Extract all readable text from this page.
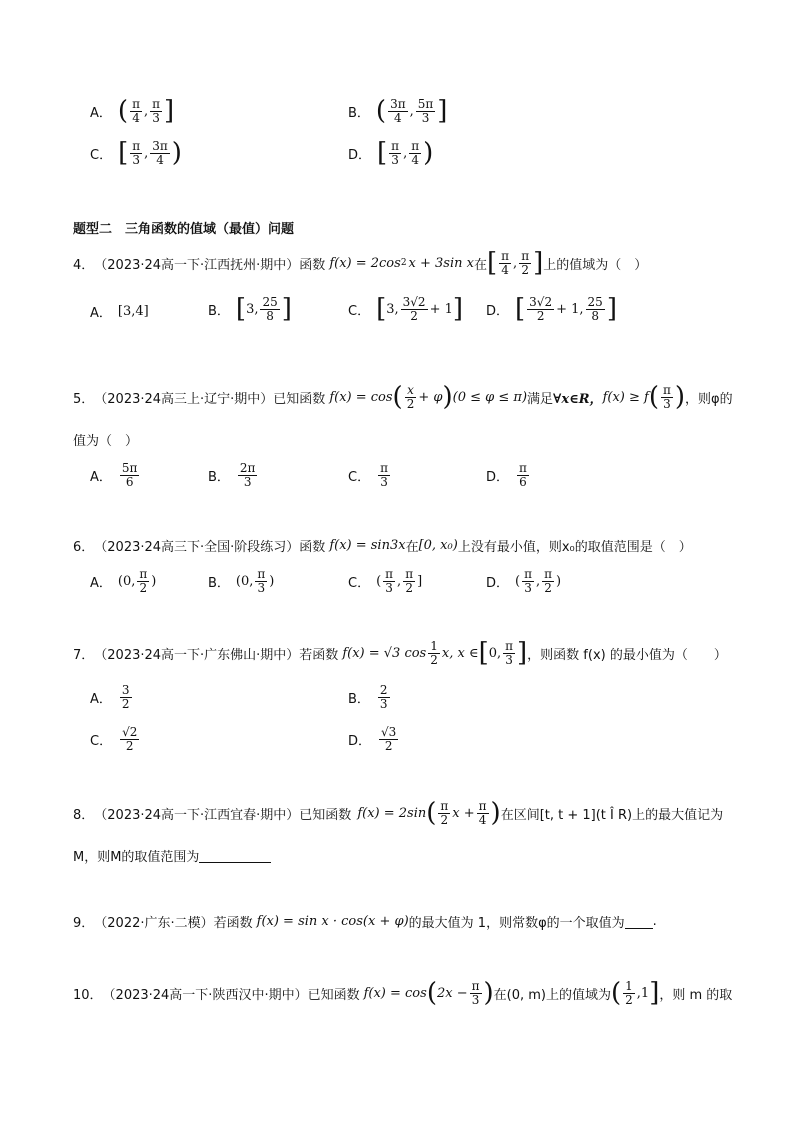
A． ( $\frac{\pi}{4}$ , $\frac{\pi}{3}$ ]	B． ( $\frac{3\pi}{4}$ , $\frac{5\pi}{3}$ ]
C． [ $\frac{\pi}{3}$ , $\frac{3\pi}{4}$ )	D． [ $\frac{\pi}{3}$ , $\frac{\pi}{4}$ )
题型二　三角函数的值域（最值）问题
4． （2023·24高一下·江西抚州·期中）函数 f(x) = 2cos 2 x + 3sin x 在 [ $\frac{\pi}{4}$ , $\frac{\pi}{2}$ ] 上的值域为（　）
A． [3,4]	B． [ 3, $\frac{25}{8}$ ]	C． [ 3, $\frac{3√2}{2} + 1$ ] D． [ $\frac{3√2}{2} + 1$, $\frac{25}{8}$ ]
5． （2023·24高三上·辽宁·期中）已知函数 f(x) = cos ( $\frac{x}{2} + \varphi$ ) (0 ≤ φ ≤ π) 满足 ∀x∈R， f(x) ≥ f ( $\frac{\pi}{3}$ ) ，则φ的
值为（　）
A． $\frac{5\pi}{6}$	B． $\frac{2\pi}{3}$	C． $\frac{\pi}{3}$	D． $\frac{\pi}{6}$
6． （2023·24高三下·全国·阶段练习）函数 f(x) = sin3x 在 [0, x₀) 上没有最小值，则x₀的取值范围是（　）
A． (0, $\frac{\pi}{2}$ )	B． (0, $\frac{\pi}{3}$ )	C． ( $\frac{\pi}{3}$ , $\frac{\pi}{2}$ ]	D． ( $\frac{\pi}{3}$ , $\frac{\pi}{2}$ )
7． （2023·24高一下·广东佛山·期中）若函数 f(x) = √3 $\cos \frac{1}{2} x$, x ∈ [ 0, $\frac{\pi}{3}$ ] ，则函数 f(x) 的最小值为（　　）
A． $\frac{3}{2}$	B． $\frac{2}{3}$
C． $\frac{√2}{2}$	D． $\frac{√3}{2}$
8． （2023·24高一下·江西宜春·期中）已知函数 f(x) = 2sin ( $\frac{\pi}{2}$ $x + \frac{\pi}{4}$ ) 在区间[t, t + 1](t Î R)上的最大值记为
M，则M的取值范围为
9． （2022·广东·二模）若函数 f(x) = sin x · cos(x + φ) 的最大值为 1，则常数φ的一个取值为 .
10． （2023·24高一下·陕西汉中·期中）已知函数 f(x) = cos ( $2x - \frac{\pi}{3}$ ) 在(0, m)上的值域为 ( $\frac{1}{2} ,1$ ] ，则 m 的取
